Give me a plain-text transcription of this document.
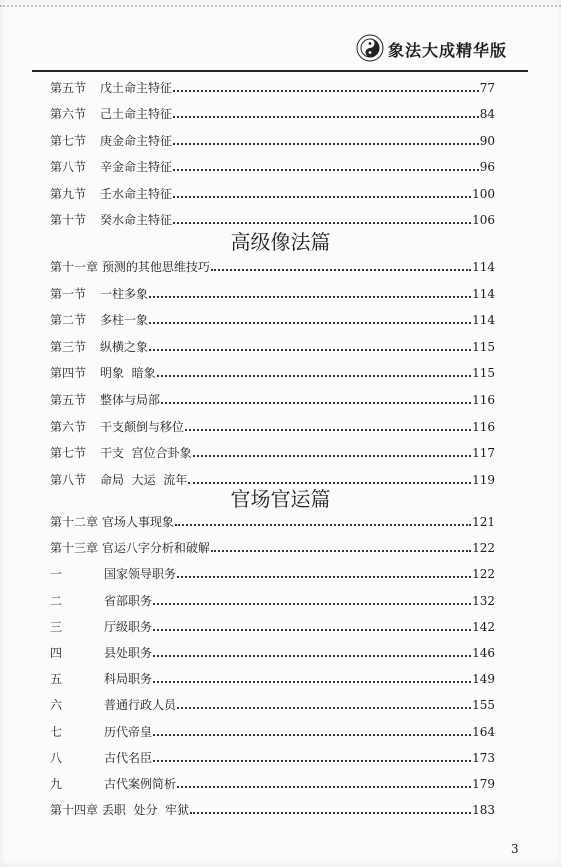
象法大成精华版
第五节	戊土命主特征	77
第六节	己土命主特征	84
第七节	庚金命主特征	90
第八节	辛金命主特征	96
第九节	壬水命主特征	100
第十节	癸水命主特征	106
第十一章 预测的其他思维技巧	114
第一节	一柱多象	114
第二节	多柱一象	114
第三节	纵横之象	115
第四节	明象  暗象	115
第五节	整体与局部	116
第六节	干支颠倒与移位	116
第七节	干支  宫位合卦象	117
第八节	命局  大运  流年	119
第十二章 官场人事现象	121
第十三章 官运八字分析和破解	122
一	国家领导职务	122
二	省部职务	132
三	厅级职务	142
四	县处职务	146
五	科局职务	149
六	普通行政人员	155
七	历代帝皇	164
八	古代名臣	173
九	古代案例简析	179
第十四章 丢职  处分  牢狱	183
高级像法篇
官场官运篇
3
